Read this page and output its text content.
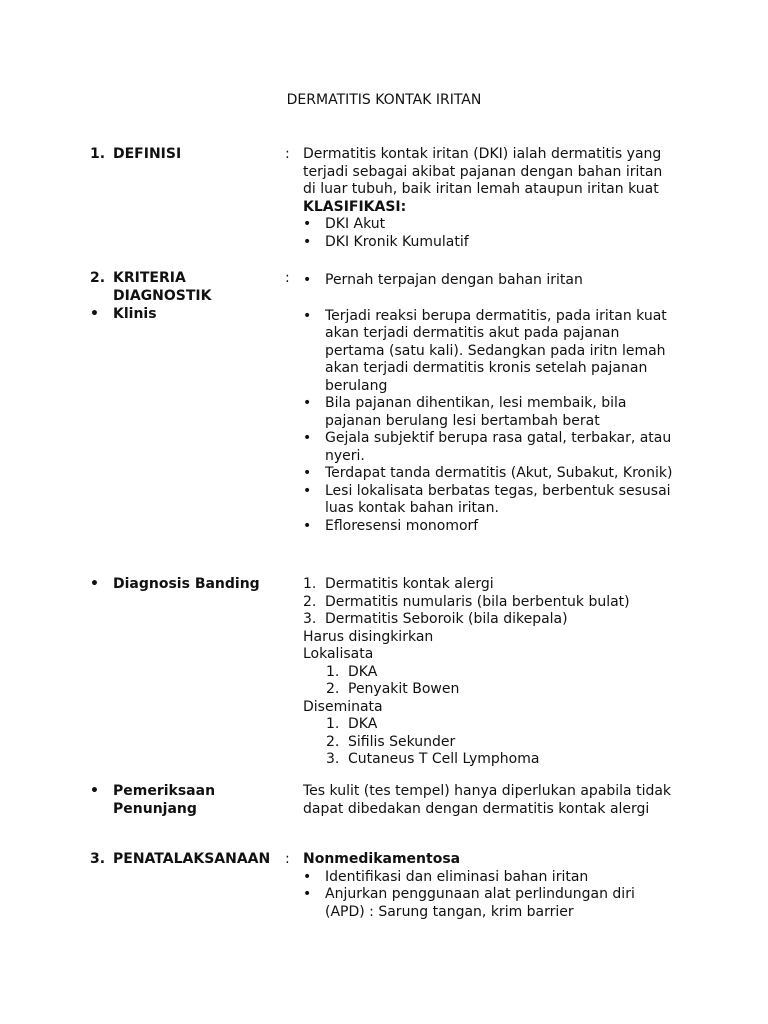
DERMATITIS KONTAK IRITAN
1. DEFINISI	: Dermatitis kontak iritan (DKI) ialah dermatitis yang terjadi sebagai akibat pajanan dengan bahan iritan di luar tubuh, baik iritan lemah ataupun iritan kuat
KLASIFIKASI:
• DKI Akut
• DKI Kronik Kumulatif
2. KRITERIA DIAGNOSTIK
:
•	Pernah terpajan dengan bahan iritan
• Terjadi reaksi berupa dermatitis, pada iritan kuat akan terjadi dermatitis akut pada pajanan pertama (satu kali). Sedangkan pada iritn lemah akan terjadi dermatitis kronis setelah pajanan berulang
• Bila pajanan dihentikan, lesi membaik, bila pajanan berulang lesi bertambah berat
• Gejala subjektif berupa rasa gatal, terbakar, atau nyeri.
• Terdapat tanda dermatitis (Akut, Subakut, Kronik)
• Lesi lokalisata berbatas tegas, berbentuk sesusai luas kontak bahan iritan.
• Efloresensi monomorf
• Klinis
• Diagnosis Banding	1. Dermatitis kontak alergi
2. Dermatitis numularis (bila berbentuk bulat)
3. Dermatitis Seboroik (bila dikepala)
Harus disingkirkan
Lokalisata
1. DKA
2. Penyakit Bowen
Diseminata
1. DKA
2. Sifilis Sekunder
3. Cutaneus T Cell Lymphoma
• Pemeriksaan Penunjang
Tes kulit (tes tempel) hanya diperlukan apabila tidak dapat dibedakan dengan dermatitis kontak alergi
3. PENATALAKSANAAN	: Nonmedikamentosa
• Identifikasi dan eliminasi bahan iritan
• Anjurkan penggunaan alat perlindungan diri (APD) : Sarung tangan, krim barrier
